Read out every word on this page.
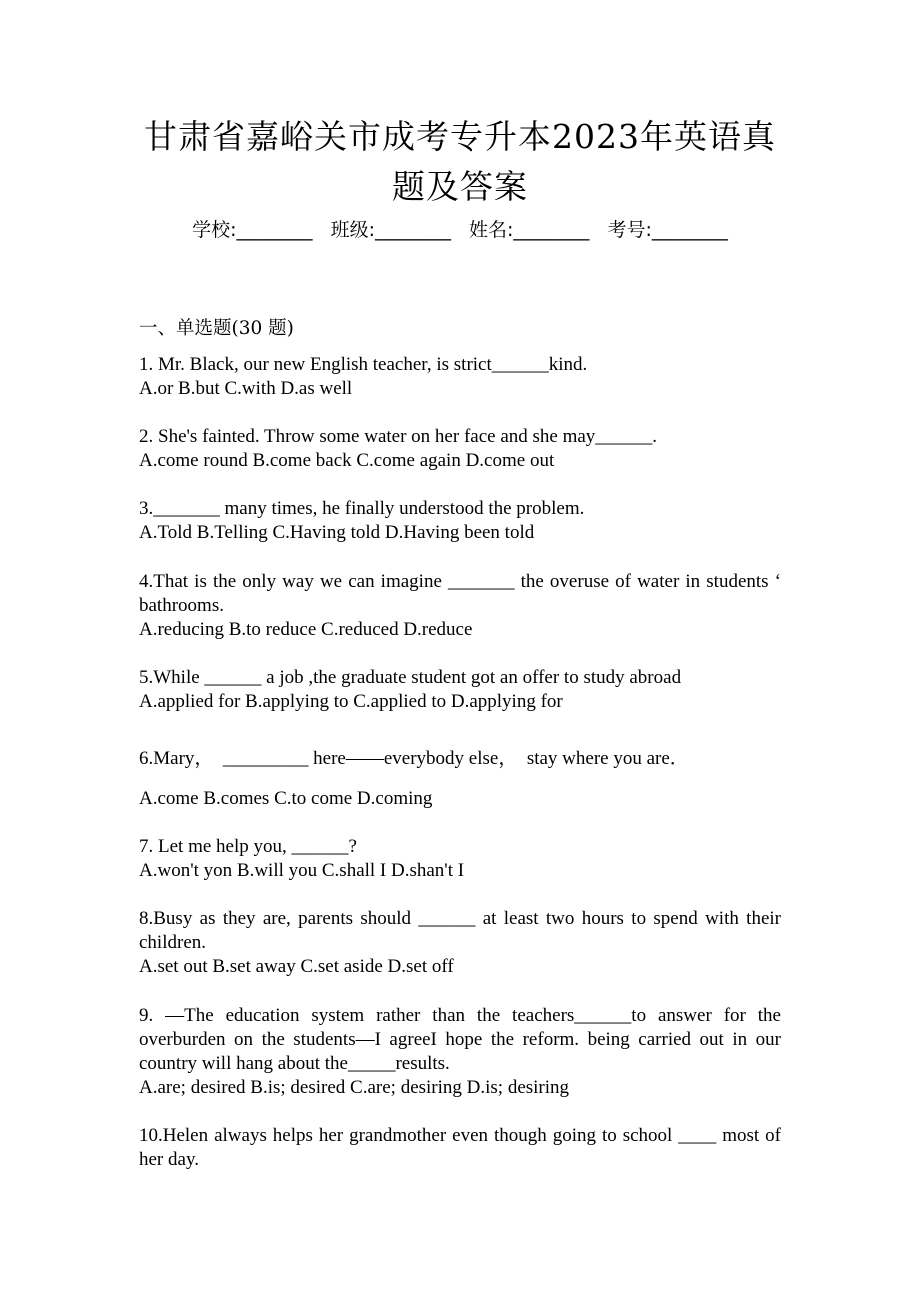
甘肃省嘉峪关市成考专升本2023年英语真
题及答案
学校:________ 班级:________ 姓名:________ 考号:________
一、单选题(30 题)
1. Mr. Black, our new English teacher, is strict______kind.
A.or B.but C.with D.as well
2. She's fainted. Throw some water on her face and she may______.
A.come round B.come back C.come again D.come out
3._______ many times, he finally understood the problem.
A.Told B.Telling C.Having told D.Having been told
4.That is the only way we can imagine _______ the overuse of water in students ‘ bathrooms.
A.reducing B.to reduce C.reduced D.reduce
5.While ______ a job ,the graduate student got an offer to study abroad
A.applied for B.applying to C.applied to D.applying for
6.Mary，  _________ here——everybody else，  stay where you are．
A.come B.comes C.to come D.coming
7. Let me help you, ______?
A.won't yon B.will you C.shall I D.shan't I
8.Busy as they are, parents should ______ at least two hours to spend with their children.
A.set out B.set away C.set aside D.set off
9. —The education system rather than the teachers______to answer for the overburden on the students—I agreeI hope the reform. being carried out in our country will hang about the_____results.
A.are; desired B.is; desired C.are; desiring D.is; desiring
10.Helen always helps her grandmother even though going to school ____ most of her day.
